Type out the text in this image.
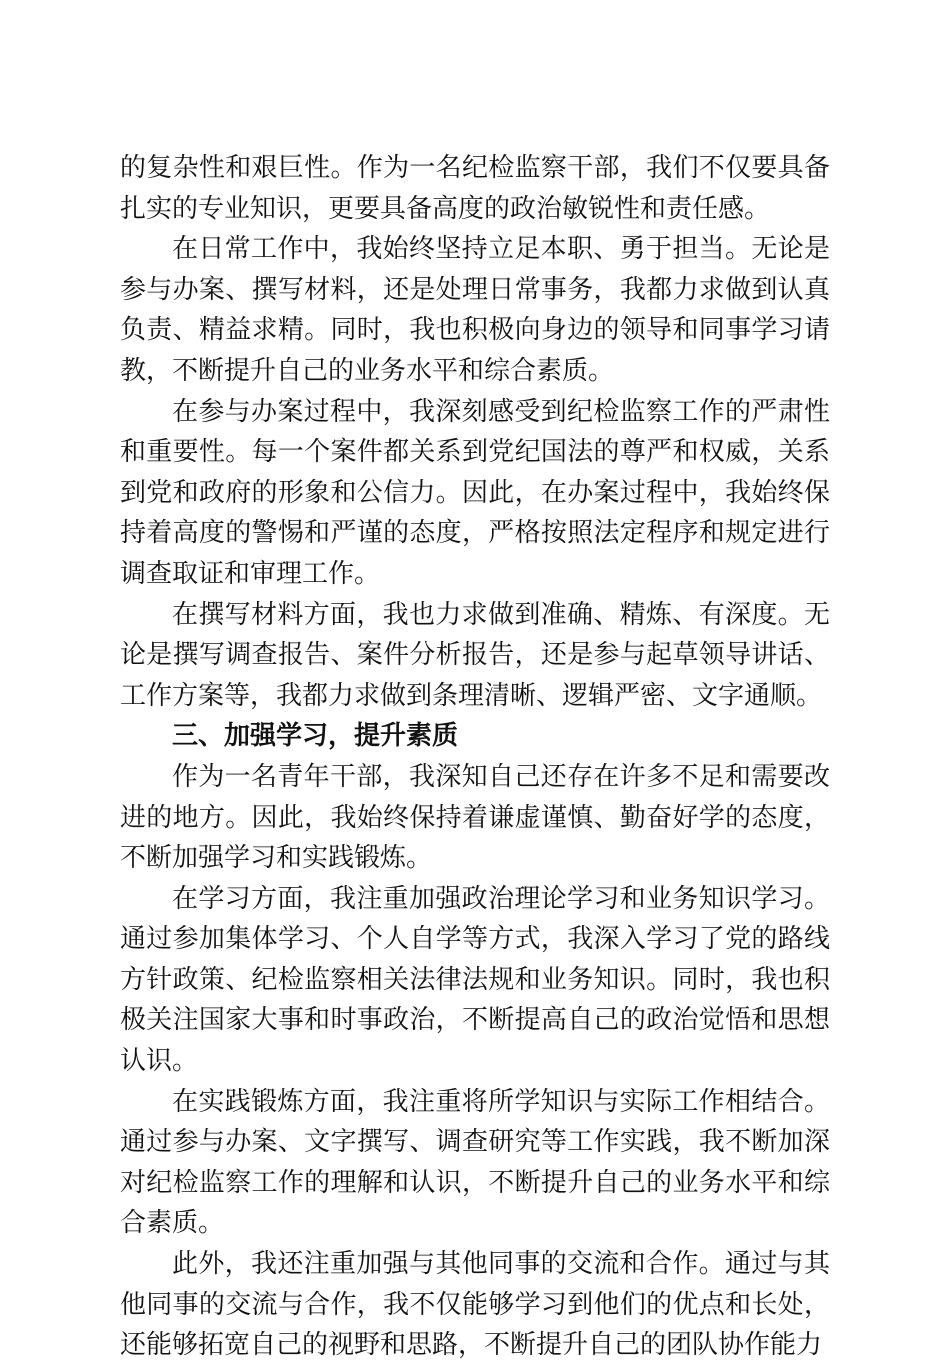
的复杂性和艰巨性。作为一名纪检监察干部，我们不仅要具备扎实的专业知识，更要具备高度的政治敏锐性和责任感。

在日常工作中，我始终坚持立足本职、勇于担当。无论是参与办案、撰写材料，还是处理日常事务，我都力求做到认真负责、精益求精。同时，我也积极向身边的领导和同事学习请教，不断提升自己的业务水平和综合素质。

在参与办案过程中，我深刻感受到纪检监察工作的严肃性和重要性。每一个案件都关系到党纪国法的尊严和权威，关系到党和政府的形象和公信力。因此，在办案过程中，我始终保持着高度的警惕和严谨的态度，严格按照法定程序和规定进行调查取证和审理工作。

在撰写材料方面，我也力求做到准确、精炼、有深度。无论是撰写调查报告、案件分析报告，还是参与起草领导讲话、工作方案等，我都力求做到条理清晰、逻辑严密、文字通顺。

三、加强学习，提升素质

作为一名青年干部，我深知自己还存在许多不足和需要改进的地方。因此，我始终保持着谦虚谨慎、勤奋好学的态度，不断加强学习和实践锻炼。

在学习方面，我注重加强政治理论学习和业务知识学习。通过参加集体学习、个人自学等方式，我深入学习了党的路线方针政策、纪检监察相关法律法规和业务知识。同时，我也积极关注国家大事和时事政治，不断提高自己的政治觉悟和思想认识。

在实践锻炼方面，我注重将所学知识与实际工作相结合。通过参与办案、文字撰写、调查研究等工作实践，我不断加深对纪检监察工作的理解和认识，不断提升自己的业务水平和综合素质。

此外，我还注重加强与其他同事的交流和合作。通过与其他同事的交流与合作，我不仅能够学习到他们的优点和长处，还能够拓宽自己的视野和思路，不断提升自己的团队协作能力
